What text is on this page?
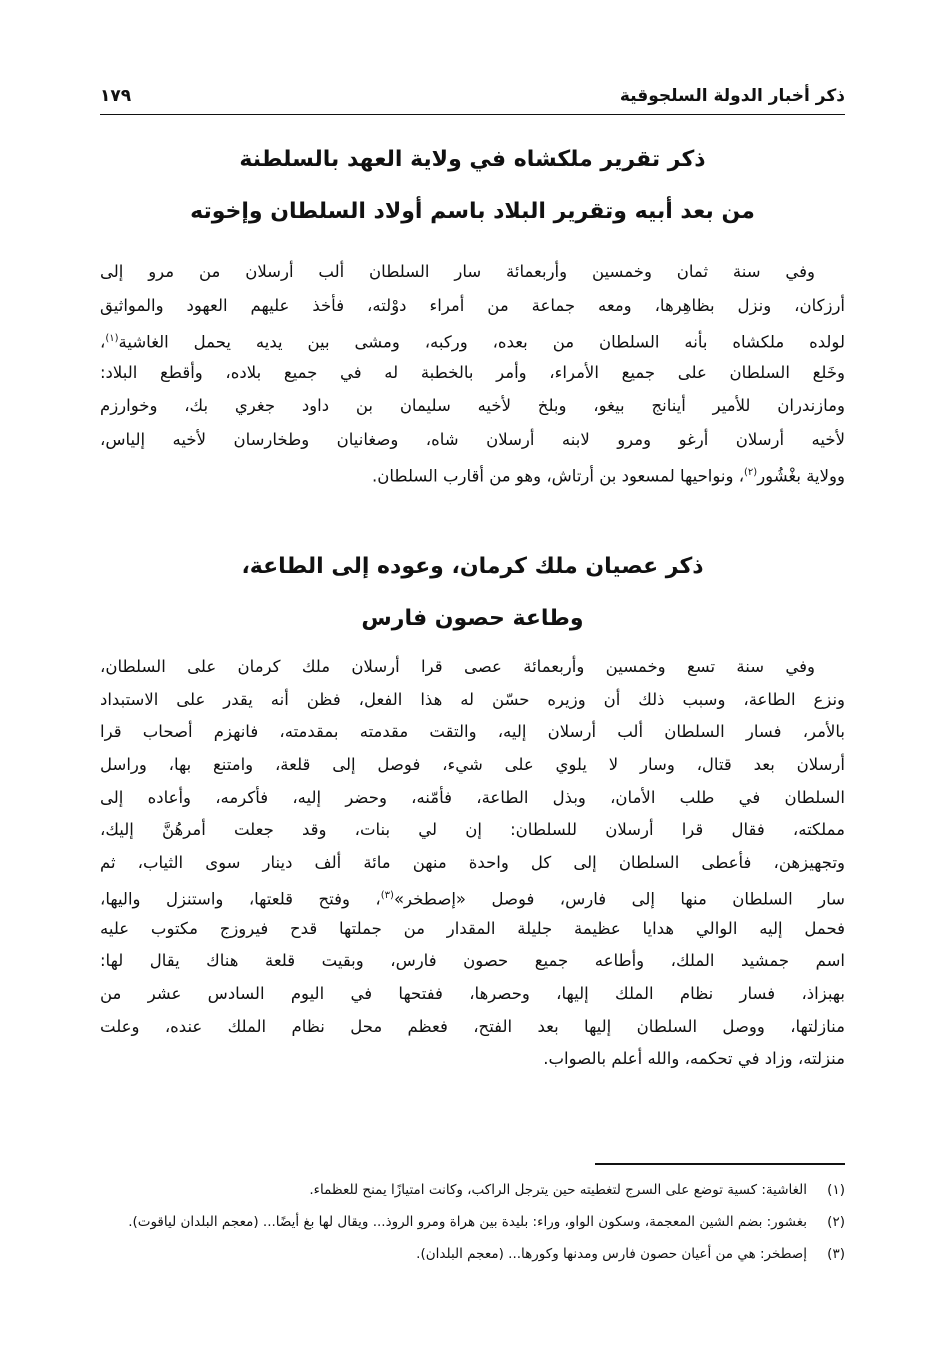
ذكر أخبار الدولة السلجوقية
١٧٩
ذكر تقرير ملكشاه في ولاية العهد بالسلطنة
من بعد أبيه وتقرير البلاد باسم أولاد السلطان وإخوته
وفي سنة ثمان وخمسين وأربعمائة سار السلطان ألب أرسلان من مرو إلى
أرزكان، ونزل بظاهِرها، ومعه جماعة من أمراء دوْلته، فأخذ عليهم العهود والمواثيق
لولده ملكشاه بأنه السلطان من بعده، وركبه، ومشى بين يديه يحمل الغاشية$^{(١)}$،
وخَلع السلطان على جميع الأمراء، وأمر بالخطبة له في جميع بلاده، وأقطع البلاد:
ومازندران للأمير أينانج بيغو، وبلخ لأخيه سليمان بن داود جغري بك، وخوارزم
لأخيه أرسلان أرغو ومرو لابنه أرسلان شاه، وصغانيان وطخارسان لأخيه إلياس،
وولاية بغْشُور$^{(٢)}$، ونواحيها لمسعود بن أرتاش، وهو من أقارب السلطان.
ذكر عصيان ملك كرمان، وعوده إلى الطاعة،
وطاعة حصون فارس
وفي سنة تسع وخمسين وأربعمائة عصى قرا أرسلان ملك كرمان على السلطان،
ونزع الطاعة، وسبب ذلك أن وزيره حسّن له هذا الفعل، فظن أنه يقدر على الاستبداد
بالأمر، فسار السلطان ألب أرسلان إليه، والتقت مقدمته بمقدمته، فانهزم أصحاب قرا
أرسلان بعد قتال، وسار لا يلوي على شيء، فوصل إلى قلعة، وامتنع بها، وراسل
السلطان في طلب الأمان، وبذل الطاعة، فأمّنه، وحضر إليه، فأكرمه، وأعاده إلى
مملكته، فقال قرا أرسلان للسلطان: إن لي بنات، وقد جعلت أمرهُنَّ إليك،
وتجهيزهن، فأعطى السلطان إلى كل واحدة منهن مائة ألف دينار سوى الثياب، ثم
سار السلطان منها إلى فارس، فوصل «إصطخر»$^{(٣)}$، وفتح قلعتها، واستنزل واليها،
فحمل إليه الوالي هدايا عظيمة جليلة المقدار من جملتها قدح فيروزج مكتوب عليه
اسم جمشيد الملك، وأطاعه جميع حصون فارس، وبقيت قلعة هناك يقال لها:
بهبزاذ، فسار نظام الملك إليها، وحصرها، ففتحها في اليوم السادس عشر من
منازلتها، ووصل السلطان إليها بعد الفتح، فعظم محل نظام الملك عنده، وعلت
منزلته، وزاد في تحكمه، والله أعلم بالصواب.
(١)
الغاشية: كسية توضع على السرج لتغطيته حين يترجل الراكب، وكانت امتيازًا يمنح للعظماء.
(٢)
بغشور: بضم الشين المعجمة، وسكون الواو، وراء: بليدة بين هراة ومرو الروذ... ويقال لها بغ أيضًا... (معجم البلدان لياقوت).
(٣)
إصطخر: هي من أعيان حصون فارس ومدنها وكورها... (معجم البلدان).
